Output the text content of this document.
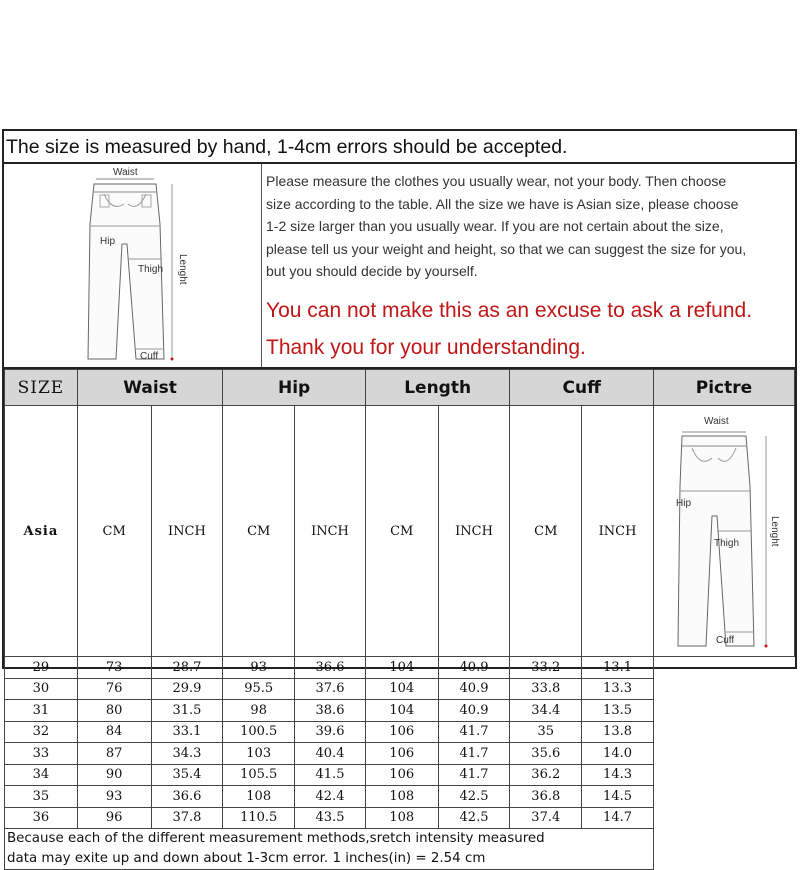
The size is measured by hand, 1-4cm errors should be accepted.
Waist
Hip
Thigh
Cuff
Lenght
Please measure the clothes you usually wear, not your body. Then choose
size according to the table. All the size we have is Asian size, please choose
1-2 size larger than you usually wear. If you are not certain about the size,
please tell us your weight and height, so that we can suggest the size for you,
but you should decide by yourself.
You can not make this as an excuse to ask a refund.
Thank you for your understanding.
SIZE	Waist		Hip		Length		Cuff		Pictre
Asia	CM	INCH	CM	INCH	CM	INCH	CM	INCH	Waist
Hip
Thigh
Cuff
Lenght

29	73	28.7	93	36.6	104	40.9	33.2	13.1	
30	76	29.9	95.5	37.6	104	40.9	33.8	13.3	
31	80	31.5	98	38.6	104	40.9	34.4	13.5	
32	84	33.1	100.5	39.6	106	41.7	35	13.8	
33	87	34.3	103	40.4	106	41.7	35.6	14.0	
34	90	35.4	105.5	41.5	106	41.7	36.2	14.3	
35	93	36.6	108	42.4	108	42.5	36.8	14.5	
36	96	37.8	110.5	43.5	108	42.5	37.4	14.7	

Because each of the different measurement methods,sretch intensity measured
data may exite up and down about 1-3cm error. 1 inches(in) = 2.54 cm									
